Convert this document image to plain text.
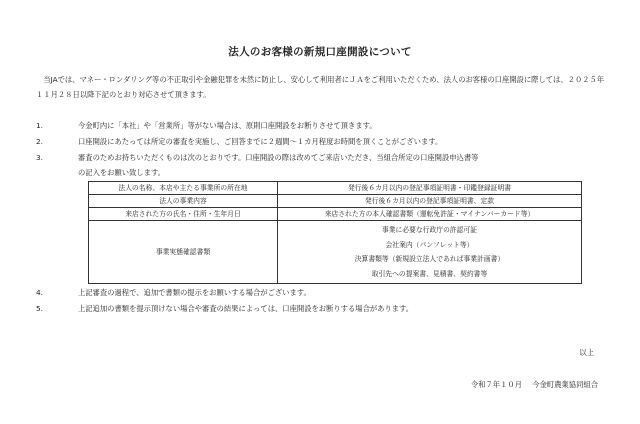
法人のお客様の新規口座開設について
当JAでは、マネー・ロンダリング等の不正取引や金融犯罪を未然に防止し、安心して利用者にＪＡをご利用いただくため、法人のお客様の口座開設に際しては、２０２５年１１月２８日以降下記のとおり対応させて頂きます。
1.	今金町内に「本社」や「営業所」等がない場合は、原則口座開設をお断りさせて頂きます。
2.	口座開設にあたっては所定の審査を実施し、ご回答までに２週間～１カ月程度お時間を頂くことがございます。
3.	審査のためお持ちいただくものは次のとおりです。口座開設の際は改めてご来店いただき、当組合所定の口座開設申込書等
の記入をお願い致します。
法人の名称、本店や主たる事業所の所在地	発行後６カ月以内の登記事項証明書・印鑑登録証明書
法人の事業内容	発行後６カ月以内の登記事項証明書、定款
来店された方の氏名・住所・生年月日	来店された方の本人確認書類（運転免許証・マイナンバーカード等）
事業実態確認書類	事業に必要な行政庁の許認可証
会社案内（パンフレット等）
決算書類等（新規設立法人であれば事業計画書）
取引先への提案書、見積書、契約書等
4.	上記審査の過程で、追加で書類の提示をお願いする場合がございます。
5.	上記追加の書類を提示頂けない場合や審査の結果によっては、口座開設をお断りする場合があります。
以上
令和７年１０月 今金町農業協同組合
